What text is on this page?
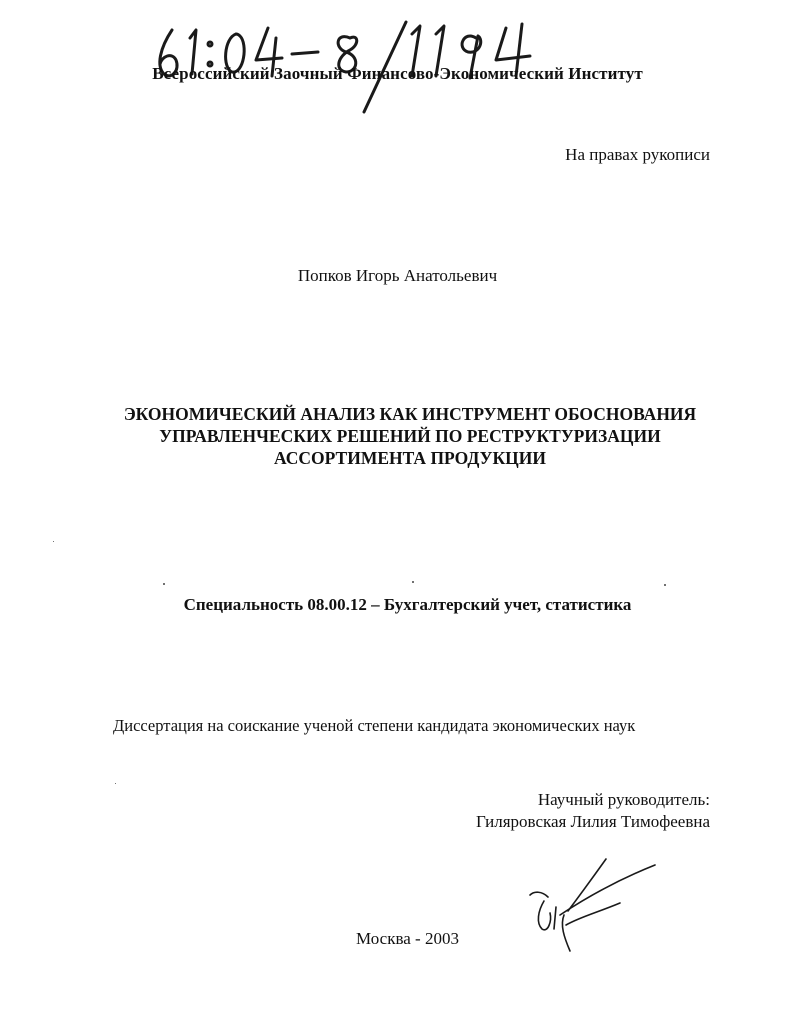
Всероссийский Заочный Финансово-Экономический Институт
На правах рукописи
Попков Игорь Анатольевич
ЭКОНОМИЧЕСКИЙ АНАЛИЗ КАК ИНСТРУМЕНТ ОБОСНОВАНИЯ
УПРАВЛЕНЧЕСКИХ РЕШЕНИЙ ПО РЕСТРУКТУРИЗАЦИИ
АССОРТИМЕНТА ПРОДУКЦИИ
Специальность 08.00.12 – Бухгалтерский учет, статистика
Диссертация на соискание ученой степени кандидата экономических наук
Научный руководитель:
Гиляровская Лилия Тимофеевна
Москва - 2003
